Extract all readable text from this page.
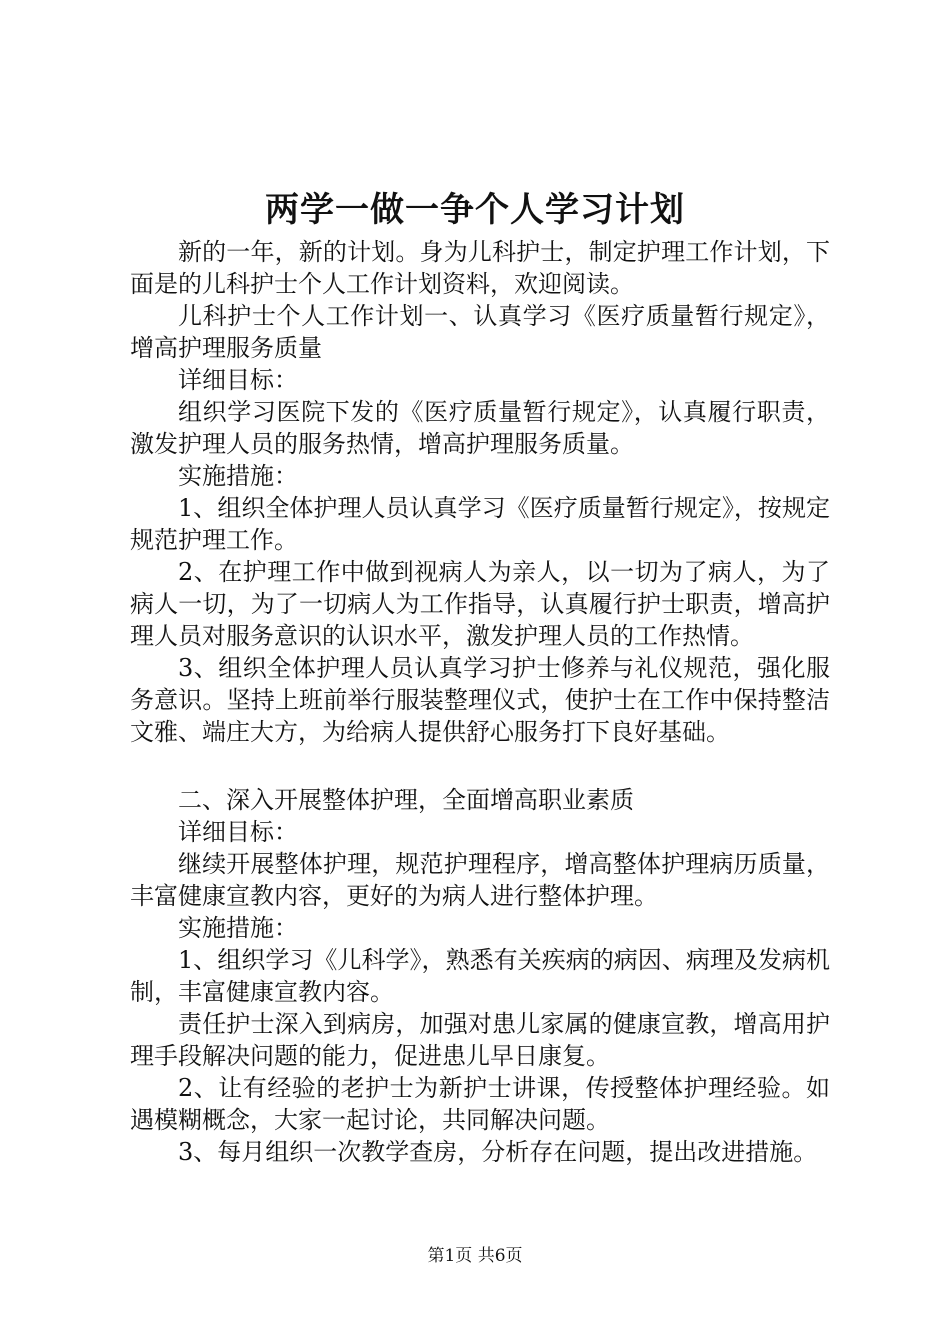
两学一做一争个人学习计划

新的一年，新的计划。身为儿科护士，制定护理工作计划，下面是的儿科护士个人工作计划资料，欢迎阅读。

儿科护士个人工作计划一、认真学习《医疗质量暂行规定》，增高护理服务质量

详细目标：

组织学习医院下发的《医疗质量暂行规定》，认真履行职责，激发护理人员的服务热情，增高护理服务质量。

实施措施：

1、组织全体护理人员认真学习《医疗质量暂行规定》，按规定规范护理工作。

2、在护理工作中做到视病人为亲人，以一切为了病人，为了病人一切，为了一切病人为工作指导，认真履行护士职责，增高护理人员对服务意识的认识水平，激发护理人员的工作热情。

3、组织全体护理人员认真学习护士修养与礼仪规范，强化服务意识。坚持上班前举行服装整理仪式，使护士在工作中保持整洁文雅、端庄大方，为给病人提供舒心服务打下良好基础。

二、深入开展整体护理，全面增高职业素质

详细目标：

继续开展整体护理，规范护理程序，增高整体护理病历质量，丰富健康宣教内容，更好的为病人进行整体护理。

实施措施：

1、组织学习《儿科学》，熟悉有关疾病的病因、病理及发病机制，丰富健康宣教内容。

责任护士深入到病房，加强对患儿家属的健康宣教，增高用护理手段解决问题的能力，促进患儿早日康复。

2、让有经验的老护士为新护士讲课，传授整体护理经验。如遇模糊概念，大家一起讨论，共同解决问题。

3、每月组织一次教学查房，分析存在问题，提出改进措施。

第1页 共6页
